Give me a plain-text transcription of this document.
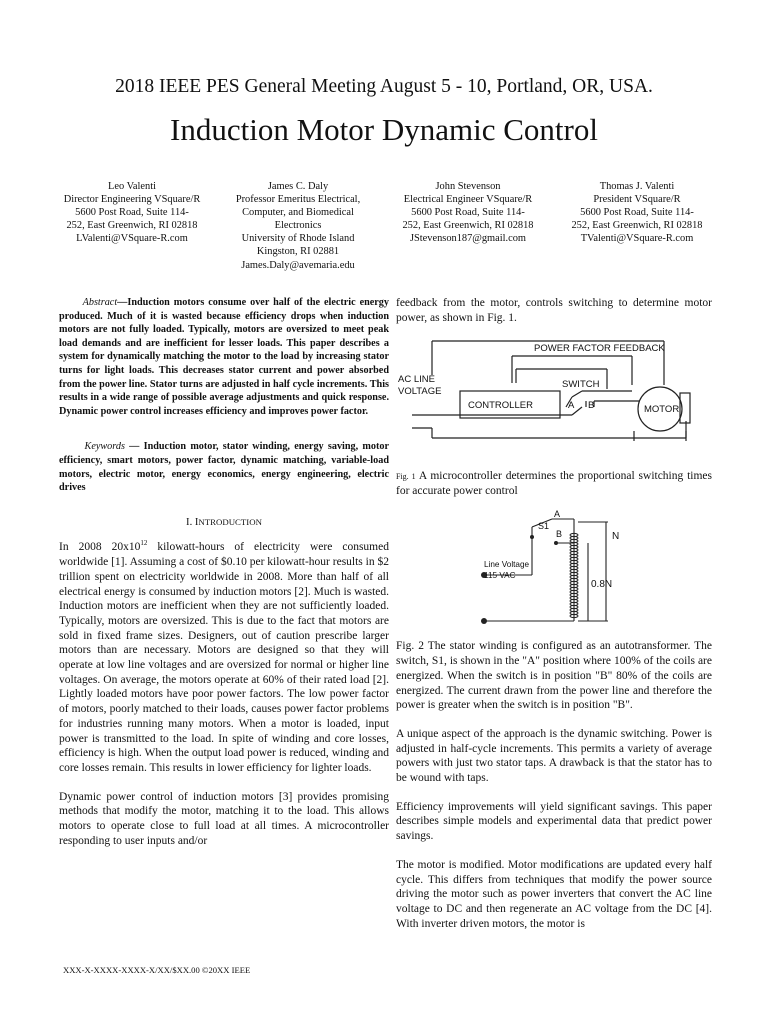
2018 IEEE PES General Meeting August 5 - 10, Portland, OR, USA.
Induction Motor Dynamic Control
Leo Valenti
Director Engineering VSquare/R
5600 Post Road, Suite 114-
252, East Greenwich, RI 02818
LValenti@VSquare-R.com
James C. Daly
Professor Emeritus Electrical,
Computer, and Biomedical
Electronics
University of Rhode Island
Kingston, RI 02881
James.Daly@avemaria.edu
John Stevenson
Electrical Engineer VSquare/R
5600 Post Road, Suite 114-
252, East Greenwich, RI 02818
JStevenson187@gmail.com
Thomas J. Valenti
President VSquare/R
5600 Post Road, Suite 114-
252, East Greenwich, RI 02818
TValenti@VSquare-R.com

Abstract—Induction motors consume over half of the electric energy produced. Much of it is wasted because efficiency drops when induction motors are not fully loaded. Typically, motors are oversized to meet peak load demands and are inefficient for lesser loads. This paper describes a system for dynamically matching the motor to the load by increasing stator turns for light loads. This decreases stator current and power absorbed from the power line. Stator turns are adjusted in half cycle increments. This results in a wide range of possible average adjustments and quick response. Dynamic power control increases efficiency and improves power factor.

Keywords — Induction motor, stator winding, energy saving, motor efficiency, smart motors, power factor, dynamic matching, variable-load motors, electric motor, energy economics, energy engineering, electric drives

I. INTRODUCTION

In 2008 $20x10^{12}$ kilowatt-hours of electricity were consumed worldwide [1]. Assuming a cost of $0.10 per kilowatt-hour results in $2 trillion spent on electricity worldwide in 2008. More than half of all electrical energy is consumed by induction motors [2]. Much is wasted. Induction motors are inefficient when they are not sufficiently loaded. Typically, motors are oversized. This is due to the fact that motors are sold in fixed frame sizes. Designers, out of caution prescribe larger motors than are necessary. Motors are designed so that they will operate at low line voltages and are oversized for normal or higher line voltages. On average, the motors operate at 60% of their rated load [2]. Lightly loaded motors have poor power factors. The low power factor of motors, poorly matched to their loads, causes power factor problems for industries running many motors. When a motor is loaded, input power is transmitted to the load. In spite of winding and core losses, efficiency is high. When the output load power is reduced, winding and core losses remain. This results in lower efficiency for lighter loads.

Dynamic power control of induction motors [3] provides promising methods that modify the motor, matching it to the load. This allows motors to operate close to full load at all times. A microcontroller responding to user inputs and/or

feedback from the motor, controls switching to determine motor power, as shown in Fig. 1.

POWER FACTOR FEEDBACK
AC LINE
VOLTAGE
SWITCH
CONTROLLER	A B	MOTOR

Fig. 1 A microcontroller determines the proportional switching times for accurate power control

S1
A
B	N
Line Voltage
115 VAC
0.8N

Fig. 2 The stator winding is configured as an autotransformer. The switch, S1, is shown in the "A" position where 100% of the coils are energized. When the switch is in position "B" 80% of the coils are energized. The current drawn from the power line and therefore the power is greater when the switch is in position "B".

A unique aspect of the approach is the dynamic switching. Power is adjusted in half-cycle increments. This permits a variety of average powers with just two stator taps. A drawback is that the stator has to be wound with taps.

Efficiency improvements will yield significant savings. This paper describes simple models and experimental data that predict power savings.

The motor is modified. Motor modifications are updated every half cycle. This differs from techniques that modify the power source driving the motor such as power inverters that convert the AC line voltage to DC and then regenerate an AC voltage from the DC [4]. With inverter driven motors, the motor is

XXX-X-XXXX-XXXX-X/XX/$XX.00 ©20XX IEEE
